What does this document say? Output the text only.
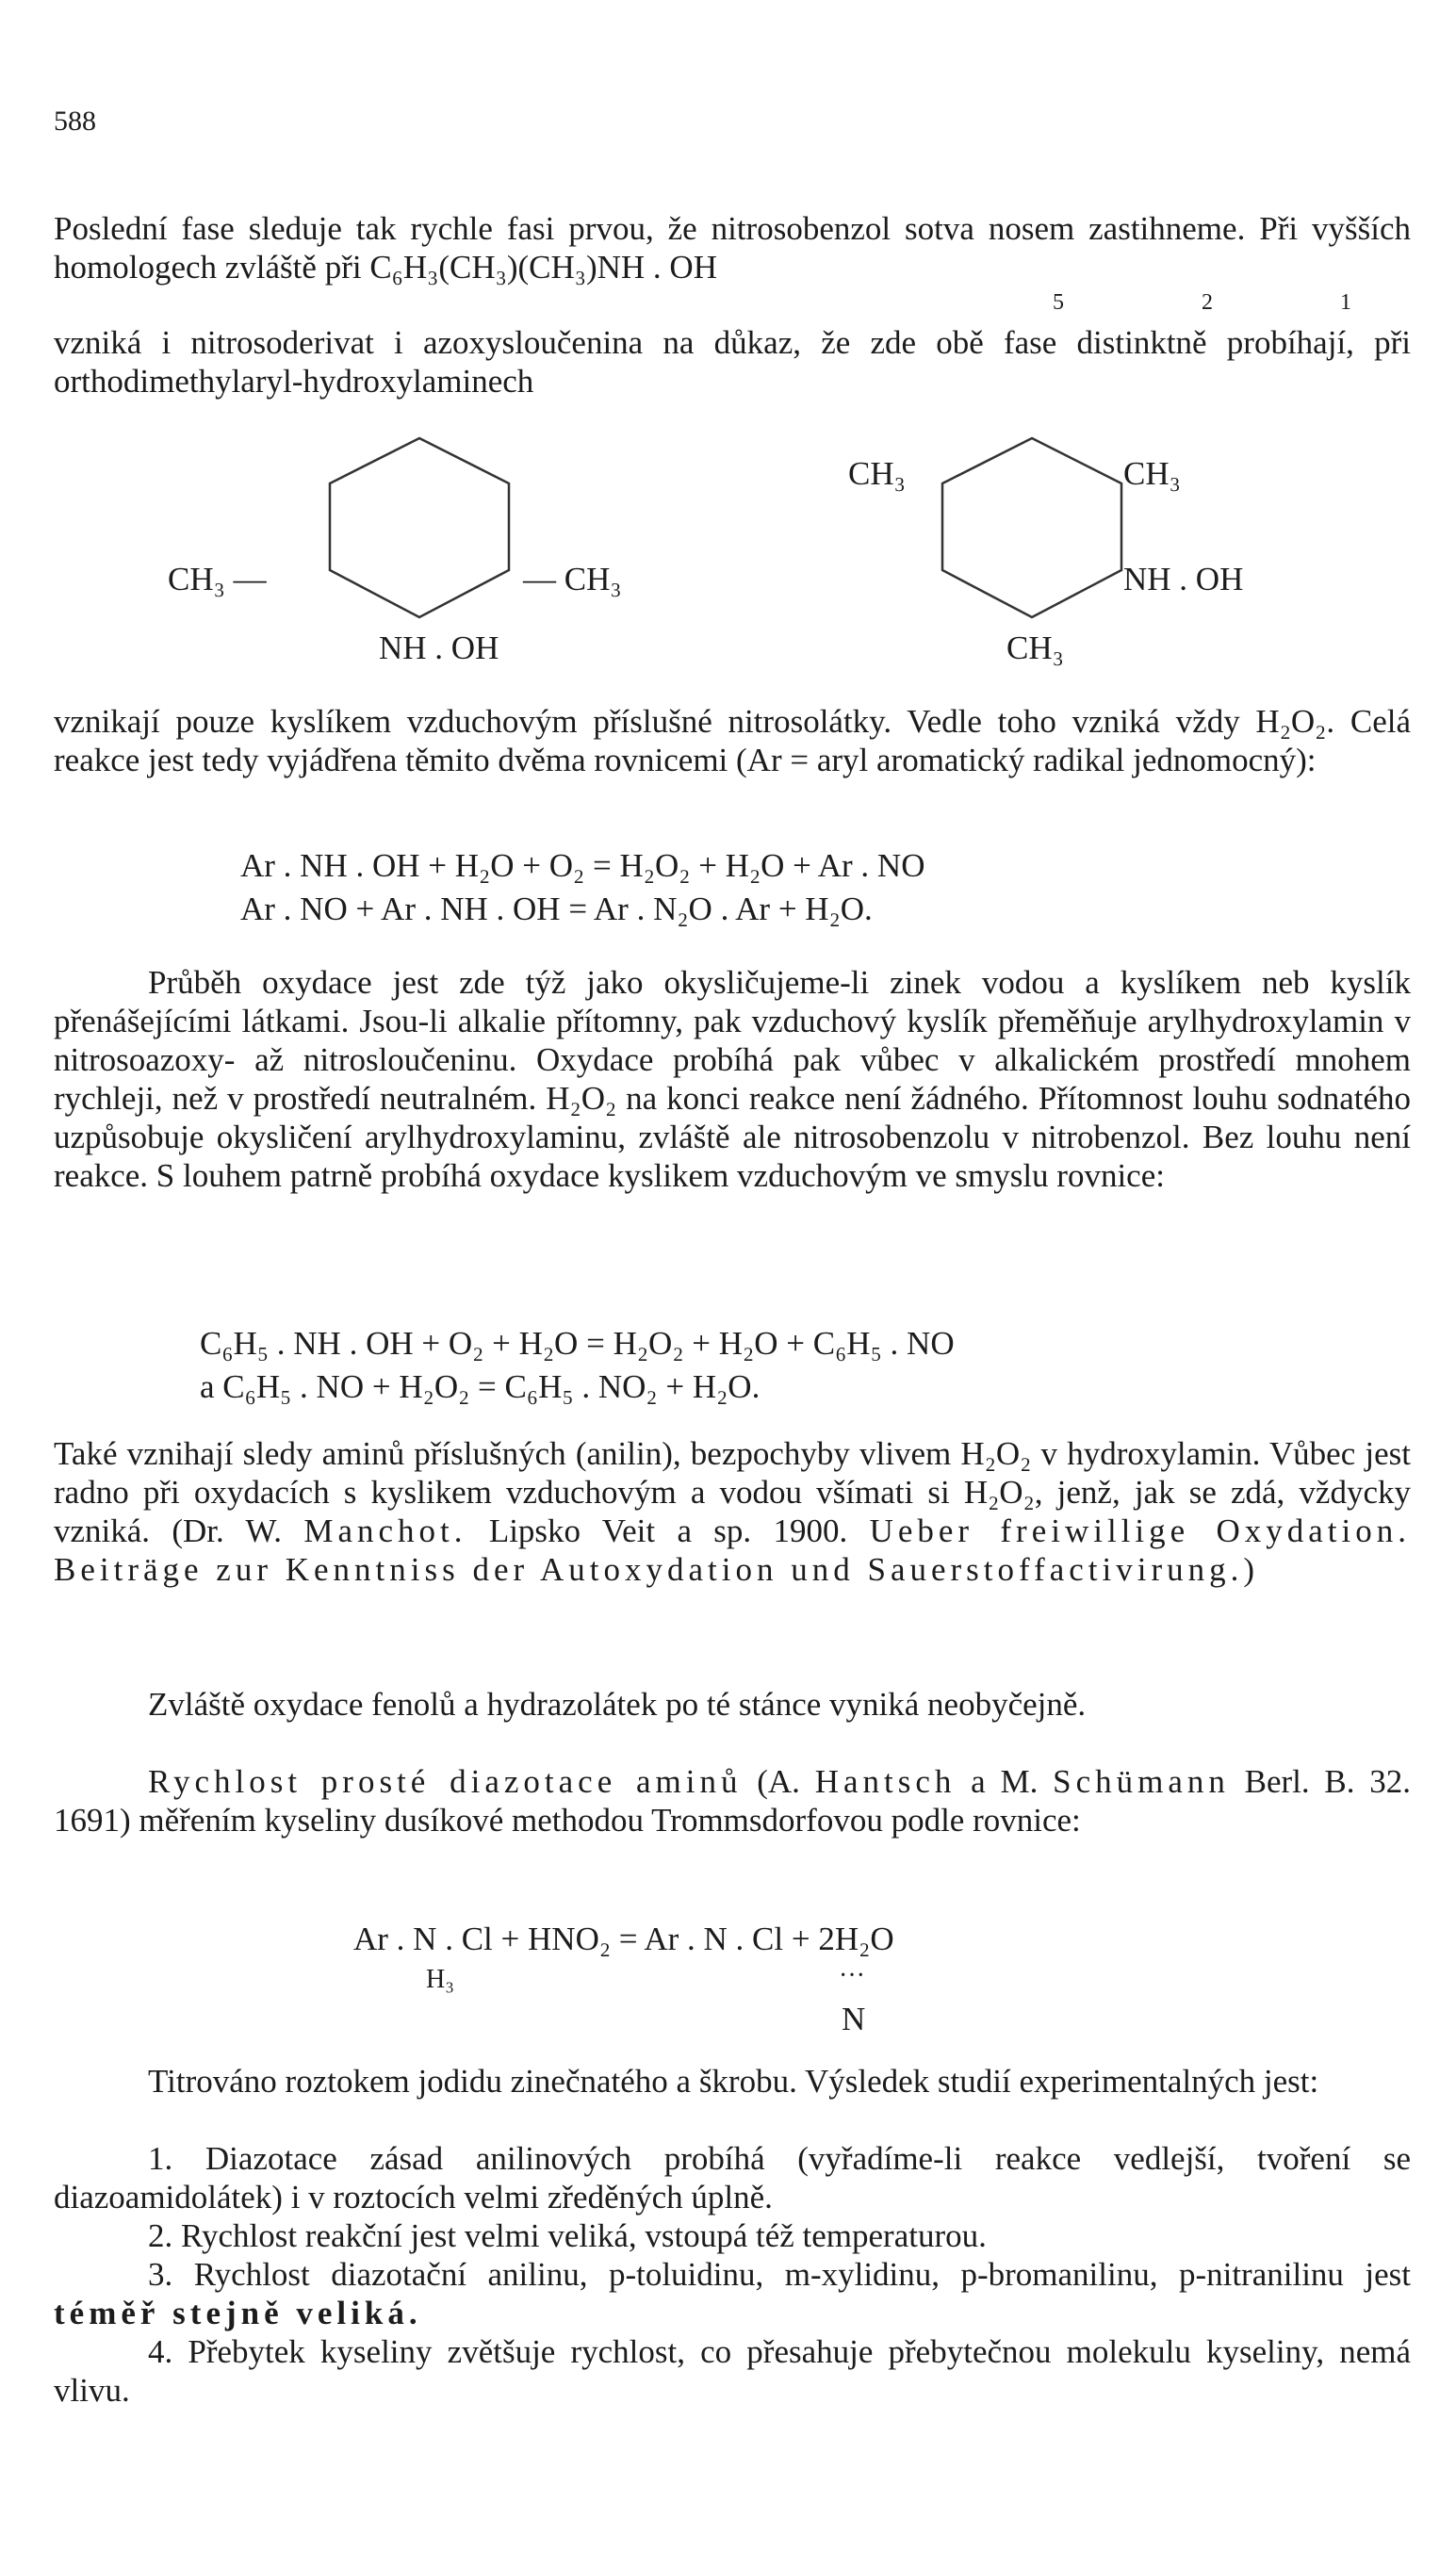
588

Poslední fase sleduje tak rychle fasi prvou, že nitrosobenzol sotva nosem zastihneme. Při vyšších homologech zvláště při C₆H₃(CH₃)(CH₃)NH . OH

5	2	1

vzniká i nitrosoderivat i azoxysloučenina na důkaz, že zde obě fase distinktně probíhají, při orthodimethylaryl-hydroxylaminech

CH₃ —	— CH₃
NH . OH
CH₃	CH₃
NH . OH
CH₃

vznikají pouze kyslíkem vzduchovým příslušné nitrosolátky. Vedle toho vzniká vždy H₂O₂. Celá reakce jest tedy vyjádřena těmito dvěma rovnicemi (Ar = aryl aromatický radikal jednomocný):

Ar . NH . OH + H₂O + O₂ = H₂O₂ + H₂O + Ar . NO
Ar . NO + Ar . NH . OH = Ar . N₂O . Ar + H₂O.

Průběh oxydace jest zde týž jako okysličujeme-li zinek vodou a kyslíkem neb kyslík přenášejícími látkami. Jsou-li alkalie přítomny, pak vzduchový kyslík přeměňuje arylhydroxylamin v nitrosoazoxy- až nitrosloučeninu. Oxydace probíhá pak vůbec v alkalickém prostředí mnohem rychleji, než v prostředí neutralném. H₂O₂ na konci reakce není žádného. Přítomnost louhu sodnatého uzpůsobuje okysličení arylhydroxylaminu, zvláště ale nitrosobenzolu v nitrobenzol. Bez louhu není reakce. S louhem patrně probíhá oxydace kyslikem vzduchovým ve smyslu rovnice:

C₆H₅ . NH . OH + O₂ + H₂O = H₂O₂ + H₂O + C₆H₅ . NO
a C₆H₅ . NO + H₂O₂ = C₆H₅ . NO₂ + H₂O.

Také vznihají sledy aminů příslušných (anilin), bezpochyby vlivem H₂O₂ v hydroxylamin. Vůbec jest radno při oxydacích s kyslikem vzduchovým a vodou všímati si H₂O₂, jenž, jak se zdá, vždycky vzniká. (Dr. W. Manchot. Lipsko Veit a sp. 1900. Ueber freiwillige Oxydation. Beiträge zur Kenntniss der Autoxydation und Sauerstoffactivirung.)

Zvláště oxydace fenolů a hydrazolátek po té stánce vyniká neobyčejně.

Rychlost prosté diazotace aminů (A. Hantsch a M. Schümann Berl. B. 32. 1691) měřením kyseliny dusíkové methodou Trommsdorfovou podle rovnice:

Ar . N . Cl + HNO₂ = Ar . N . Cl + 2H₂O
H₃	···
N

Titrováno roztokem jodidu zinečnatého a škrobu. Výsledek studií experimentalných jest:

1. Diazotace zásad anilinových probíhá (vyřadíme-li reakce vedlejší, tvoření se diazoamidolátek) i v roztocích velmi zředěných úplně.

2. Rychlost reakční jest velmi veliká, vstoupá též temperaturou.

3. Rychlost diazotační anilinu, p-toluidinu, m-xylidinu, p-bromanilinu, p-nitranilinu jest téměř stejně veliká.

4. Přebytek kyseliny zvětšuje rychlost, co přesahuje přebytečnou molekulu kyseliny, nemá vlivu.
